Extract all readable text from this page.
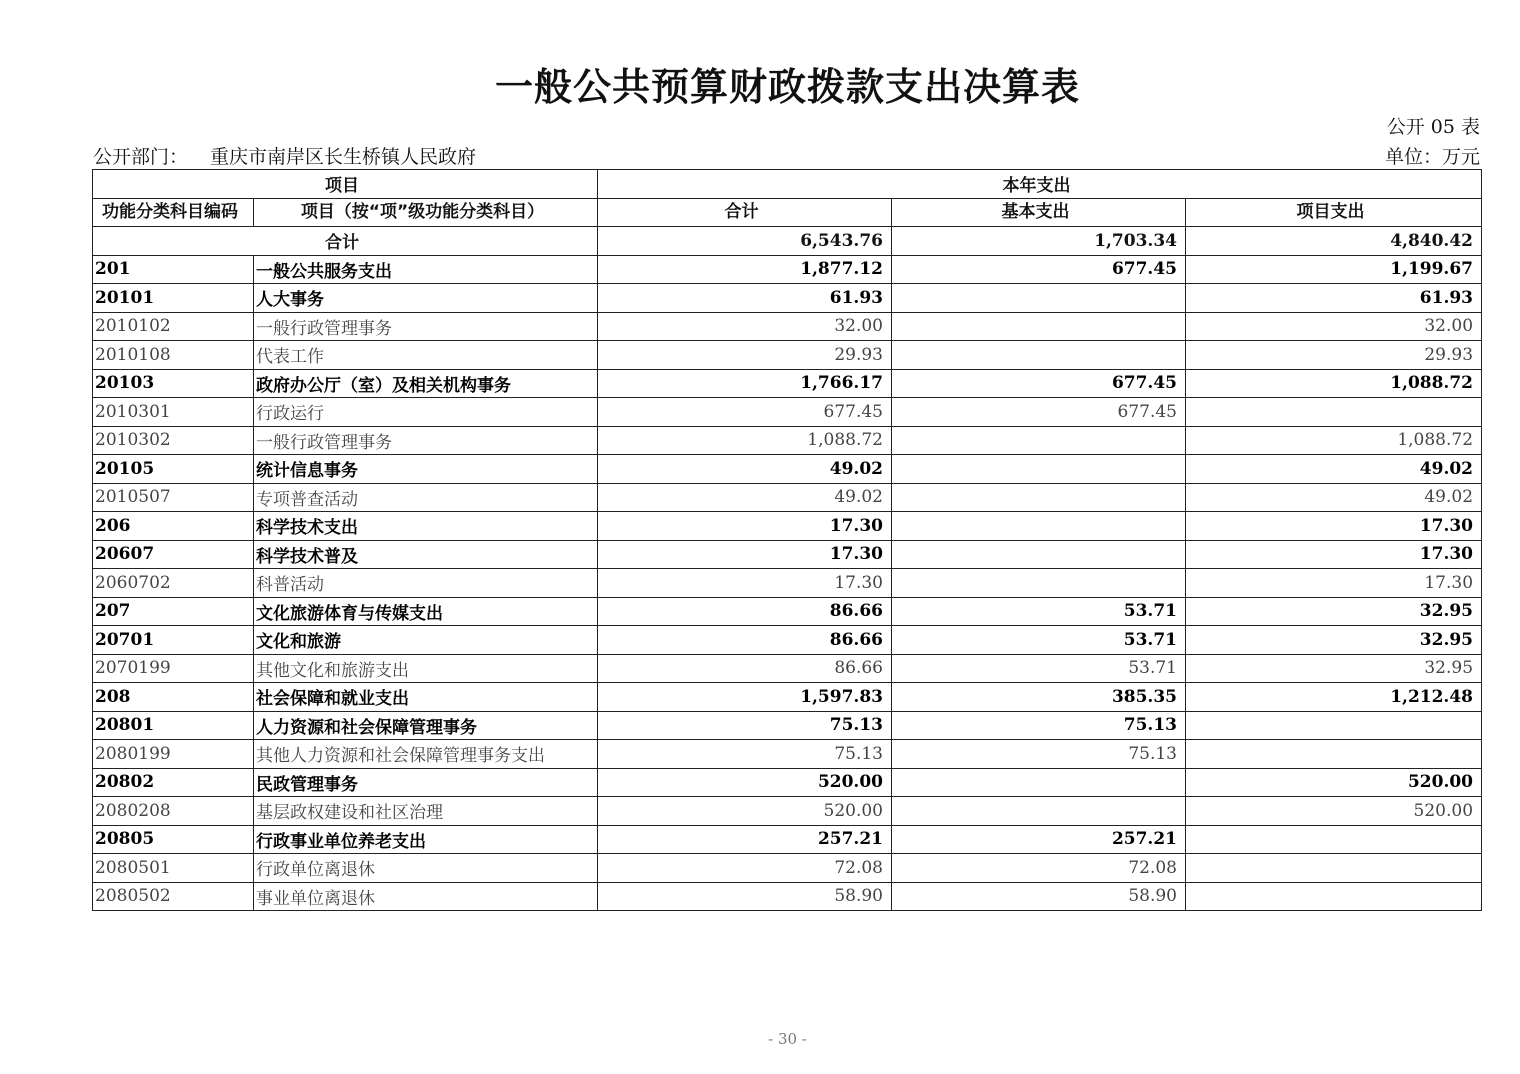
一般公共预算财政拨款支出决算表
公开 05 表
公开部门： 重庆市南岸区长生桥镇人民政府	单位：万元
项目		本年支出		
功能分类科目编码	项目（按“项”级功能分类科目）	合计	基本支出	项目支出
合计		6,543.76	1,703.34	4,840.42
201	一般公共服务支出	1,877.12	677.45	1,199.67
20101	人大事务	61.93		61.93
2010102	一般行政管理事务	32.00		32.00
2010108	代表工作	29.93		29.93
20103	政府办公厅（室）及相关机构事务	1,766.17	677.45	1,088.72
2010301	行政运行	677.45	677.45	
2010302	一般行政管理事务	1,088.72		1,088.72
20105	统计信息事务	49.02		49.02
2010507	专项普查活动	49.02		49.02
206	科学技术支出	17.30		17.30
20607	科学技术普及	17.30		17.30
2060702	科普活动	17.30		17.30
207	文化旅游体育与传媒支出	86.66	53.71	32.95
20701	文化和旅游	86.66	53.71	32.95
2070199	其他文化和旅游支出	86.66	53.71	32.95
208	社会保障和就业支出	1,597.83	385.35	1,212.48
20801	人力资源和社会保障管理事务	75.13	75.13	
2080199	其他人力资源和社会保障管理事务支出	75.13	75.13	
20802	民政管理事务	520.00		520.00
2080208	基层政权建设和社区治理	520.00		520.00
20805	行政事业单位养老支出	257.21	257.21	
2080501	行政单位离退休	72.08	72.08	
2080502	事业单位离退休	58.90	58.90	
- 30 -
